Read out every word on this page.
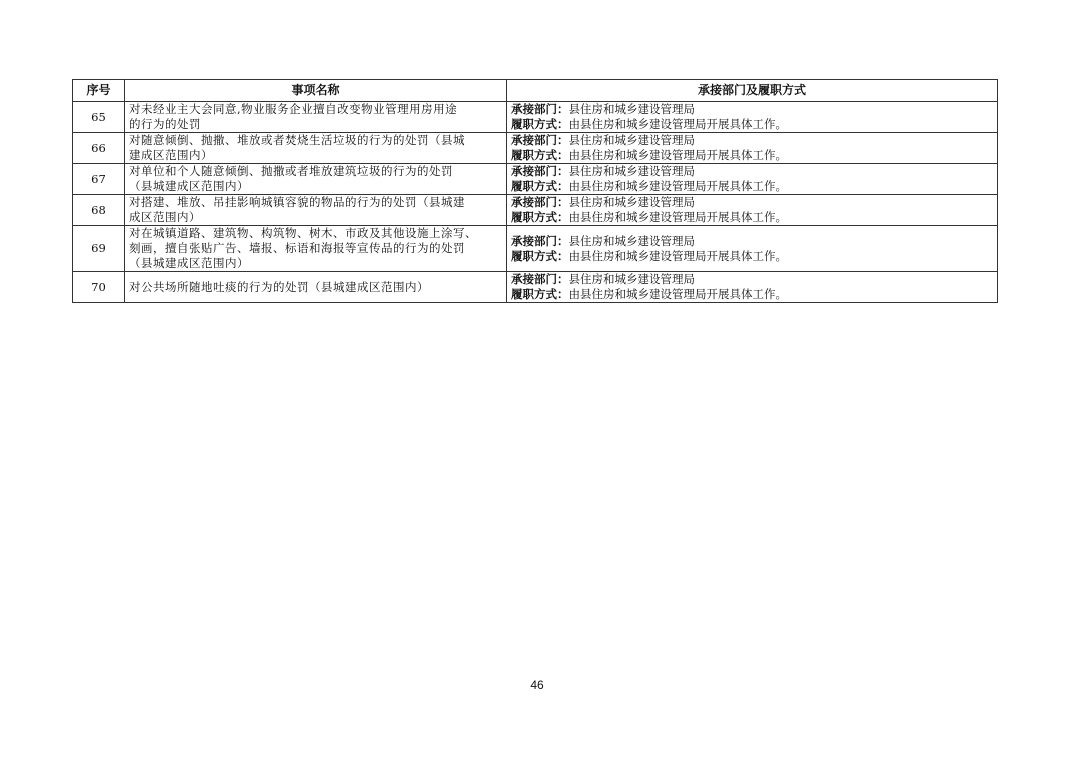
序号	事项名称	承接部门及履职方式
65	对未经业主大会同意,物业服务企业擅自改变物业管理用房用途
的行为的处罚	承接部门：县住房和城乡建设管理局
履职方式：由县住房和城乡建设管理局开展具体工作。

66	对随意倾倒、抛撒、堆放或者焚烧生活垃圾的行为的处罚（县城
建成区范围内）	承接部门：县住房和城乡建设管理局
履职方式：由县住房和城乡建设管理局开展具体工作。

67	对单位和个人随意倾倒、抛撒或者堆放建筑垃圾的行为的处罚
（县城建成区范围内）	承接部门：县住房和城乡建设管理局
履职方式：由县住房和城乡建设管理局开展具体工作。

68	对搭建、堆放、吊挂影响城镇容貌的物品的行为的处罚（县城建
成区范围内）	承接部门：县住房和城乡建设管理局
履职方式：由县住房和城乡建设管理局开展具体工作。

69	对在城镇道路、建筑物、构筑物、树木、市政及其他设施上涂写、
刻画，擅自张贴广告、墙报、标语和海报等宣传品的行为的处罚
（县城建成区范围内）	承接部门：县住房和城乡建设管理局
履职方式：由县住房和城乡建设管理局开展具体工作。

70	对公共场所随地吐痰的行为的处罚（县城建成区范围内）	承接部门：县住房和城乡建设管理局
履职方式：由县住房和城乡建设管理局开展具体工作。
46
